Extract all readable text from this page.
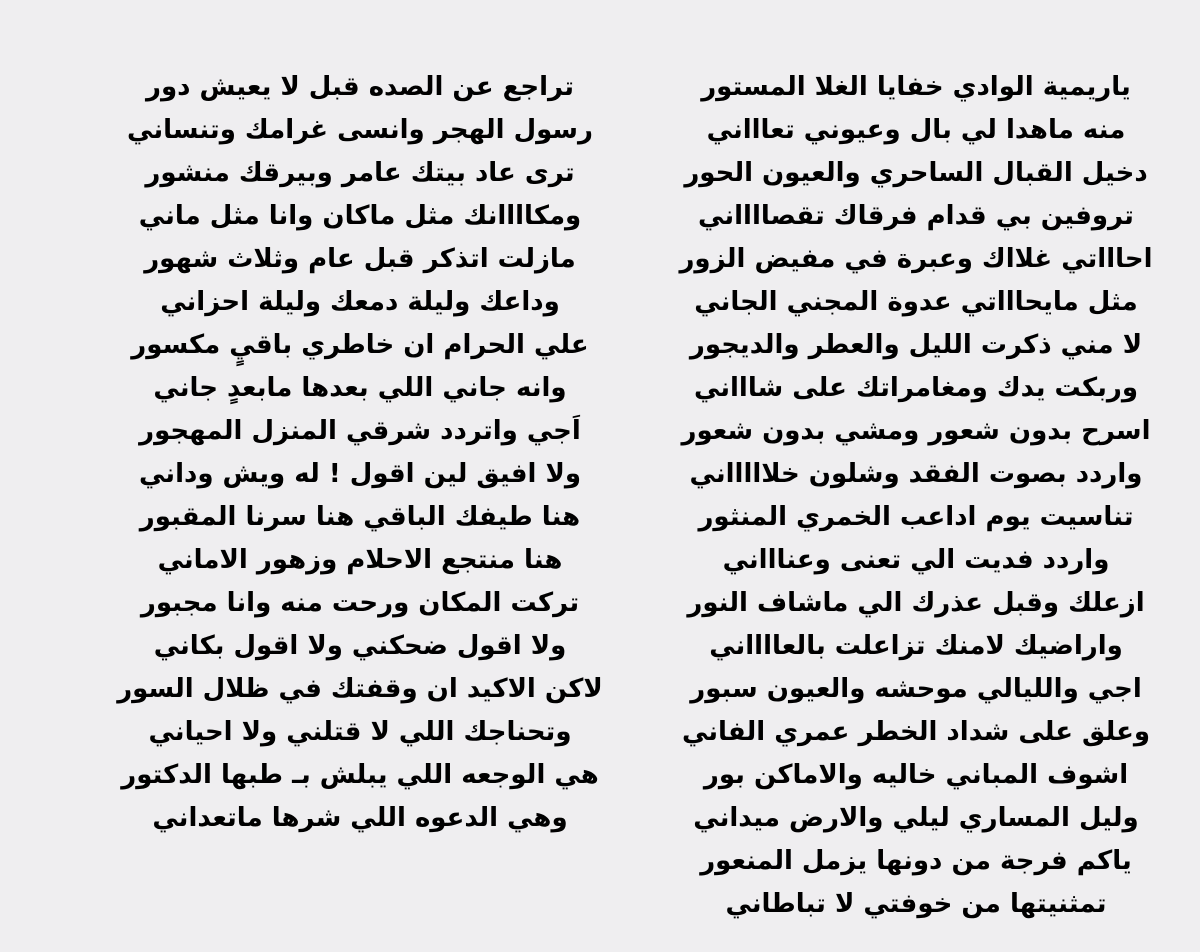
ياريمية الوادي خفايا الغلا المستور
منه ماهدا لي بال وعيوني تعاااني
دخيل القبال الساحري والعيون الحور
تروفين بي قدام فرقاك تقصااااني
احاااتي غلااك وعبرة في مفيض الزور
مثل مايحاااتي عدوة المجني الجاني
لا مني ذكرت الليل والعطر والديجور
وربكت يدك ومغامراتك على شاااني
اسرح بدون شعور ومشي بدون شعور
واردد بصوت الفقد وشلون خلاااااني
تناسيت يوم اداعب الخمري المنثور
واردد فديت الي تعنى وعناااني
ازعلك وقبل عذرك الي ماشاف النور
واراضيك لامنك تزاعلت بالعااااني
اجي والليالي موحشه والعيون سبور
وعلق على شداد الخطر عمري الفاني
اشوف المباني خاليه والاماكن بور
وليل المساري ليلي والارض ميداني
ياكم فرجة من دونها يزمل المنعور
تمثنيتها من خوفتي لا تباطاني
تراجع عن الصده قبل لا يعيش دور
رسول الهجر وانسى غرامك وتنساني
ترى عاد بيتك عامر وبيرقك منشور
ومكاااانك مثل ماكان وانا مثل ماني
مازلت اتذكر قبل عام وثلاث شهور
وداعك وليلة دمعك وليلة احزاني
علي الحرام ان خاطري باقيٍ مكسور
وانه جاني اللي بعدها مابعدٍ جاني
اَجي واتردد شرقي المنزل المهجور
ولا افيق لين اقول ! له ويش وداني
هنا طيفك الباقي هنا سرنا المقبور
هنا منتجع الاحلام وزهور الاماني
تركت المكان ورحت منه وانا مجبور
ولا اقول ضحكني ولا اقول بكاني
لاكن الاكيد ان وقفتك في ظلال السور
وتحناجك اللي لا قتلني ولا احياني
هي الوجعه اللي يبلش بـ طبها الدكتور
وهي الدعوه اللي شرها ماتعداني
